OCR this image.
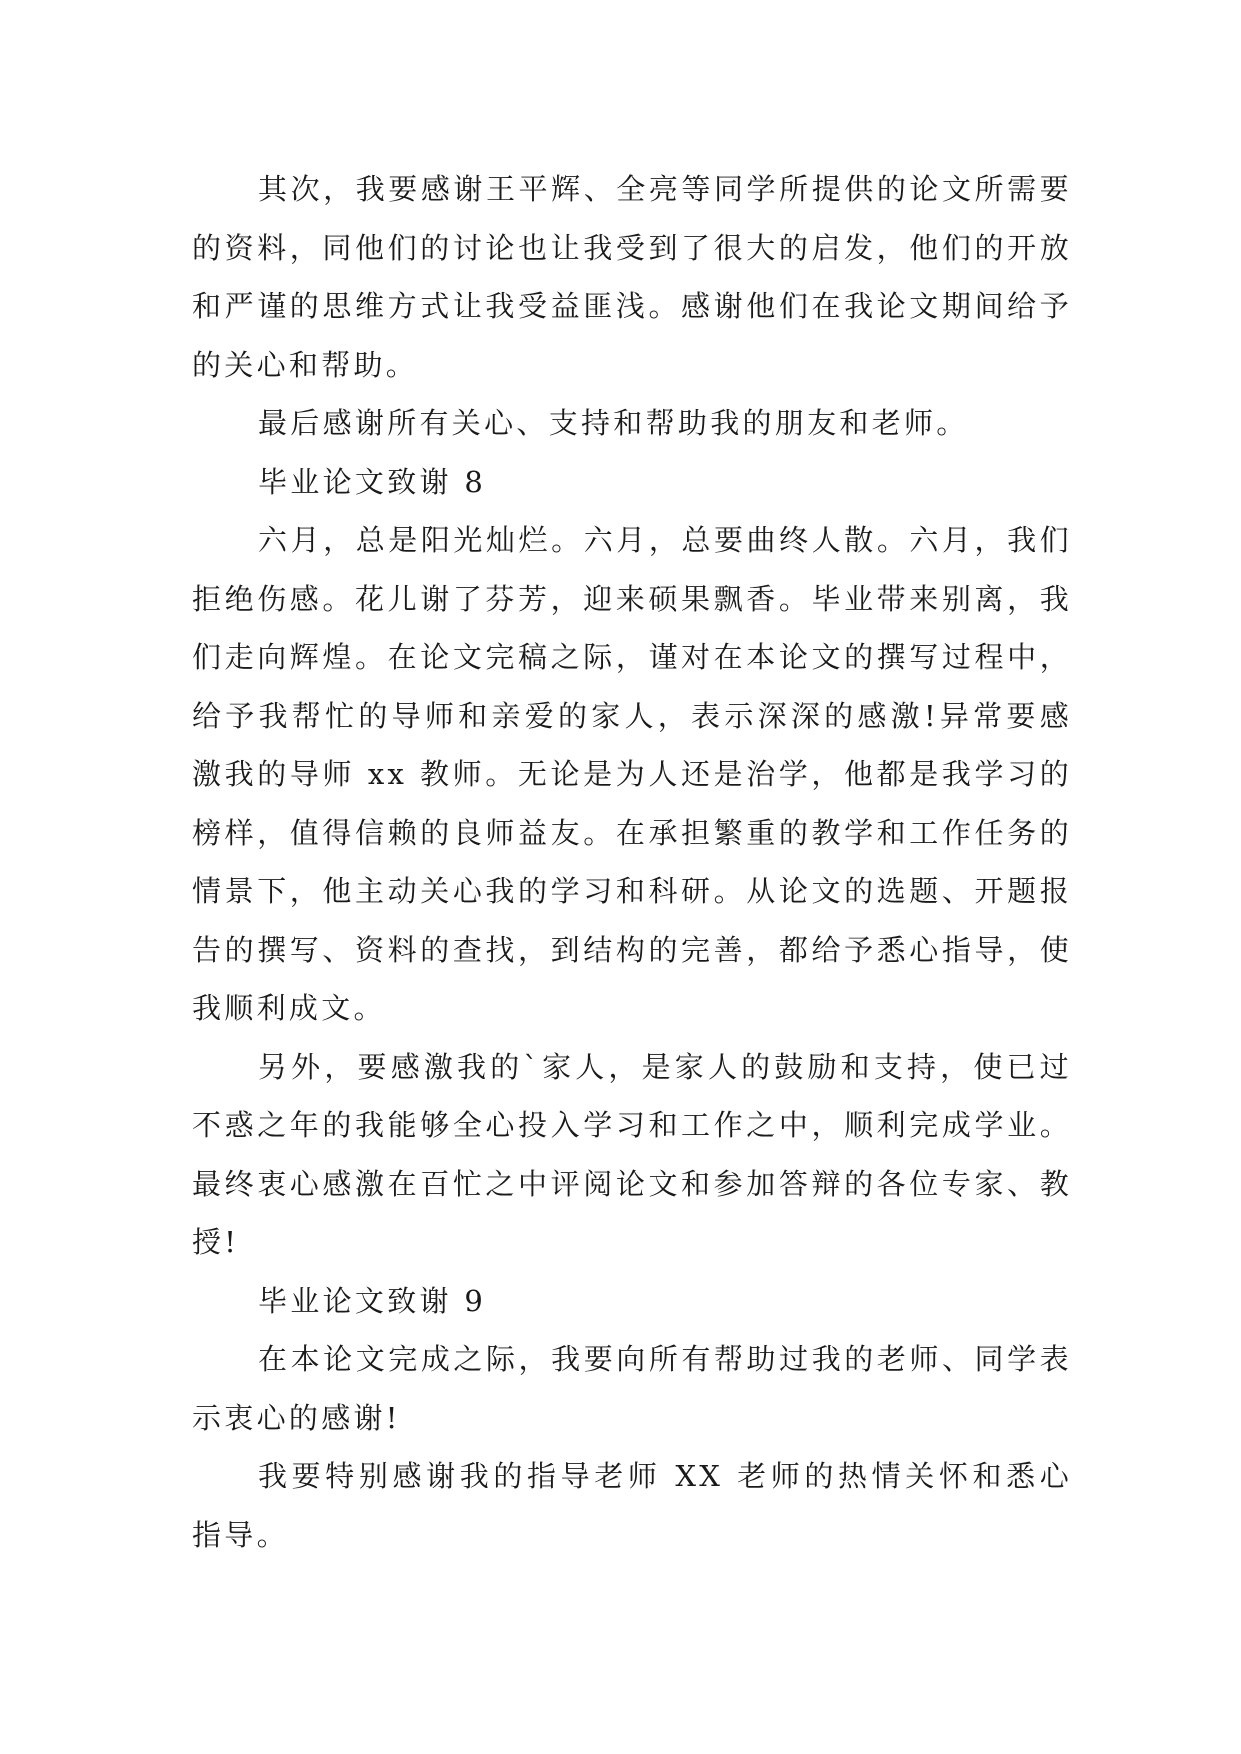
其次，我要感谢王平辉、全亮等同学所提供的论文所需要的资料，同他们的讨论也让我受到了很大的启发，他们的开放和严谨的思维方式让我受益匪浅。感谢他们在我论文期间给予的关心和帮助。

最后感谢所有关心、支持和帮助我的朋友和老师。

毕业论文致谢 8

六月，总是阳光灿烂。六月，总要曲终人散。六月，我们拒绝伤感。花儿谢了芬芳，迎来硕果飘香。毕业带来别离，我们走向辉煌。在论文完稿之际，谨对在本论文的撰写过程中，给予我帮忙的导师和亲爱的家人，表示深深的感激!异常要感激我的导师 xx 教师。无论是为人还是治学，他都是我学习的榜样，值得信赖的良师益友。在承担繁重的教学和工作任务的情景下，他主动关心我的学习和科研。从论文的选题、开题报告的撰写、资料的查找，到结构的完善，都给予悉心指导，使我顺利成文。

另外，要感激我的`家人，是家人的鼓励和支持，使已过不惑之年的我能够全心投入学习和工作之中，顺利完成学业。最终衷心感激在百忙之中评阅论文和参加答辩的各位专家、教授!

毕业论文致谢 9

在本论文完成之际，我要向所有帮助过我的老师、同学表示衷心的感谢!

我要特别感谢我的指导老师 XX 老师的热情关怀和悉心指导。
